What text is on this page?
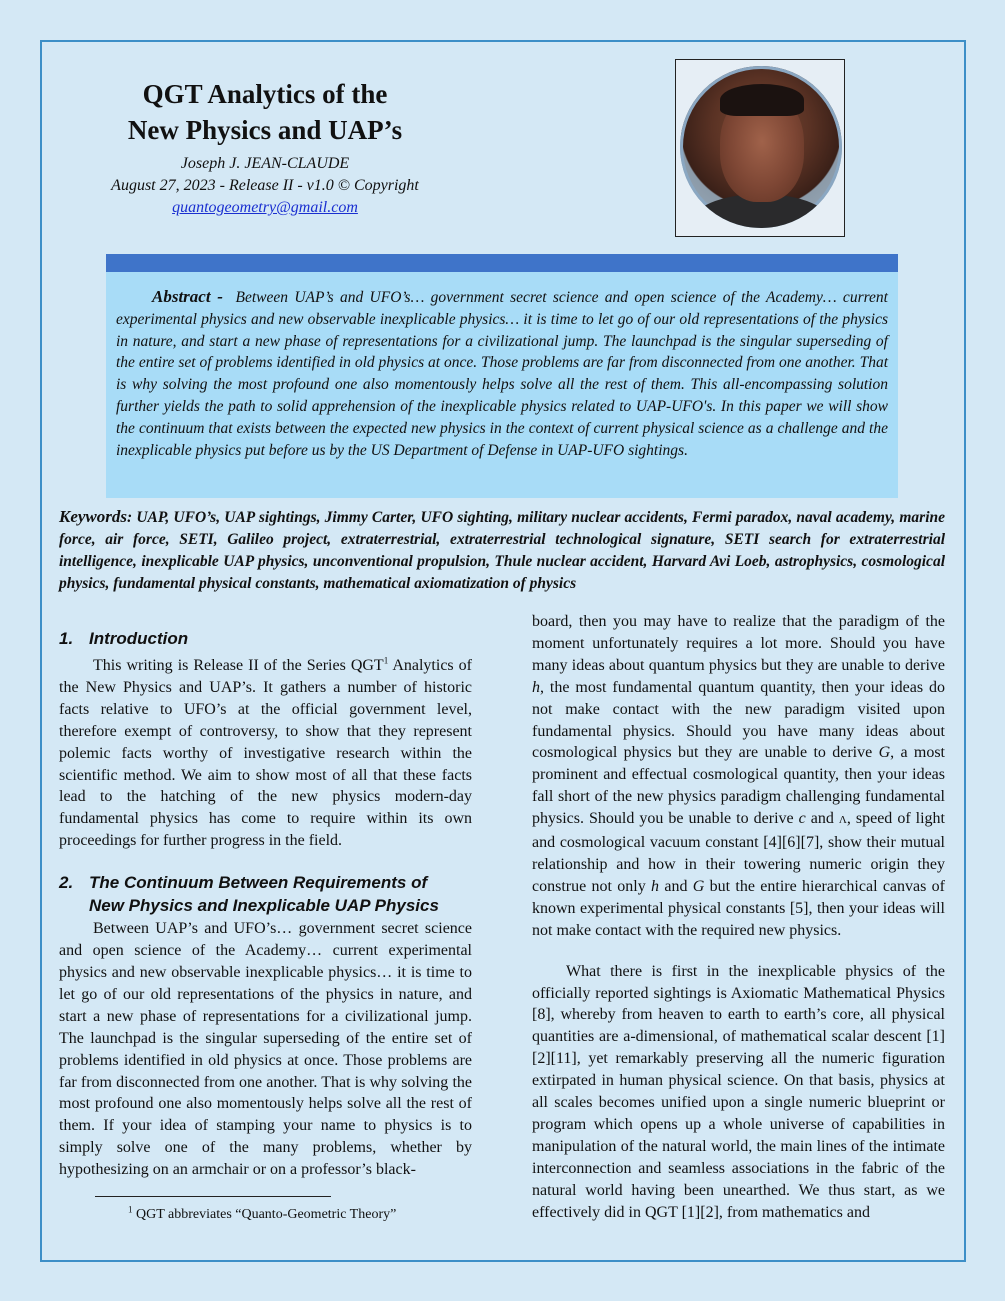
QGT Analytics of the
New Physics and UAP’s
Joseph J. JEAN-CLAUDE
August 27, 2023 - Release II - v1.0 © Copyright
quantogeometry@gmail.com

Abstract - Between UAP’s and UFO’s… government secret science and open science of the Academy… current experimental physics and new observable inexplicable physics… it is time to let go of our old representations of the physics in nature, and start a new phase of representations for a civilizational jump. The launchpad is the singular superseding of the entire set of problems identified in old physics at once. Those problems are far from disconnected from one another. That is why solving the most profound one also momentously helps solve all the rest of them. This all-encompassing solution further yields the path to solid apprehension of the inexplicable physics related to UAP-UFO's. In this paper we will show the continuum that exists between the expected new physics in the context of current physical science as a challenge and the inexplicable physics put before us by the US Department of Defense in UAP-UFO sightings.

Keywords: UAP, UFO’s, UAP sightings, Jimmy Carter, UFO sighting, military nuclear accidents, Fermi paradox, naval academy, marine force, air force, SETI, Galileo project, extraterrestrial, extraterrestrial technological signature, SETI search for extraterrestrial intelligence, inexplicable UAP physics, unconventional propulsion, Thule nuclear accident, Harvard Avi Loeb, astrophysics, cosmological physics, fundamental physical constants, mathematical axiomatization of physics
1. Introduction

This writing is Release II of the Series QGT$^1$ Analytics of the New Physics and UAP’s. It gathers a number of historic facts relative to UFO’s at the official government level, therefore exempt of controversy, to show that they represent polemic facts worthy of investigative research within the scientific method. We aim to show most of all that these facts lead to the hatching of the new physics modern-day fundamental physics has come to require within its own proceedings for further progress in the field.

2. The Continuum Between Requirements of
New Physics and Inexplicable UAP Physics

Between UAP’s and UFO’s… government secret science and open science of the Academy… current experimental physics and new observable inexplicable physics… it is time to let go of our old representations of the physics in nature, and start a new phase of representations for a civilizational jump. The launchpad is the singular superseding of the entire set of problems identified in old physics at once. Those problems are far from disconnected from one another. That is why solving the most profound one also momentously helps solve all the rest of them. If your idea of stamping your name to physics is to simply solve one of the many problems, whether by hypothesizing on an armchair or on a professor’s black-

$^1$ QGT abbreviates “Quanto-Geometric Theory”

board, then you may have to realize that the paradigm of the moment unfortunately requires a lot more. Should you have many ideas about quantum physics but they are unable to derive h, the most fundamental quantum quantity, then your ideas do not make contact with the new paradigm visited upon fundamental physics. Should you have many ideas about cosmological physics but they are unable to derive G, a most prominent and effectual cosmological quantity, then your ideas fall short of the new physics paradigm challenging fundamental physics. Should you be unable to derive c and Λ, speed of light and cosmological vacuum constant [4][6][7], show their mutual relationship and how in their towering numeric origin they construe not only h and G but the entire hierarchical canvas of known experimental physical constants [5], then your ideas will not make contact with the required new physics.

What there is first in the inexplicable physics of the officially reported sightings is Axiomatic Mathematical Physics [8], whereby from heaven to earth to earth’s core, all physical quantities are a-dimensional, of mathematical scalar descent [1][2][11], yet remarkably preserving all the numeric figuration extirpated in human physical science. On that basis, physics at all scales becomes unified upon a single numeric blueprint or program which opens up a whole universe of capabilities in manipulation of the natural world, the main lines of the intimate interconnection and seamless associations in the fabric of the natural world having been unearthed. We thus start, as we effectively did in QGT [1][2], from mathematics and
